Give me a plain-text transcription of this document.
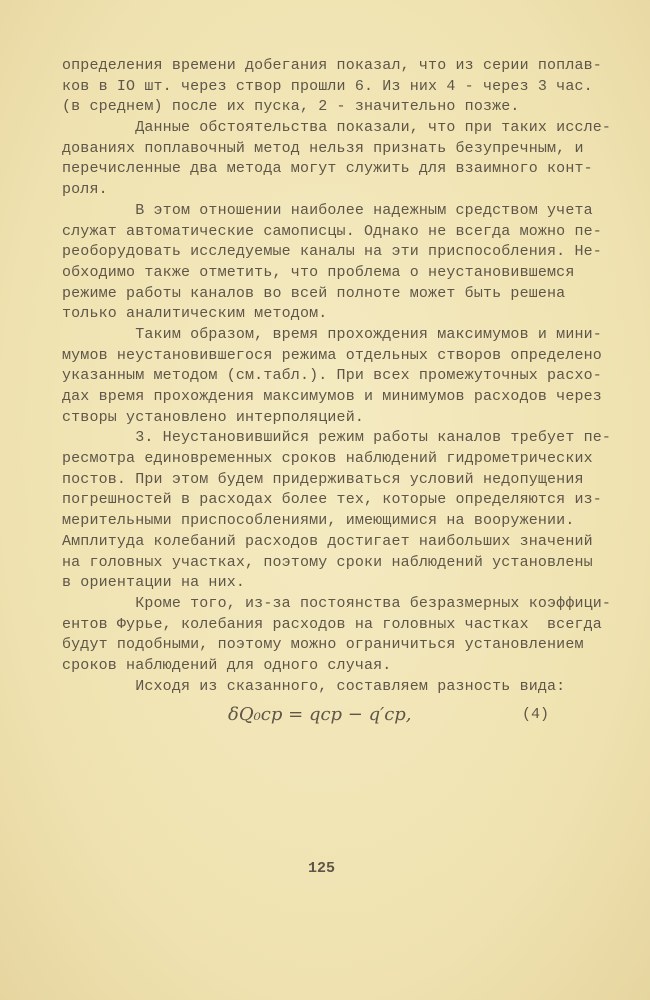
определения времени добегания показал, что из серии поплав-
ков в IO шт. через створ прошли 6. Из них 4 - через 3 час.
(в среднем) после их пуска, 2 - значительно позже.
Данные обстоятельства показали, что при таких иссле-
дованиях поплавочный метод нельзя признать безупречным, и
перечисленные два метода могут служить для взаимного конт-
роля.
В этом отношении наиболее надежным средством учета
служат автоматические самописцы. Однако не всегда можно пе-
реоборудовать исследуемые каналы на эти приспособления. Не-
обходимо также отметить, что проблема о неустановившемся
режиме работы каналов во всей полноте может быть решена
только аналитическим методом.
Таким образом, время прохождения максимумов и мини-
мумов неустановившегося режима отдельных створов определено
указанным методом (см.табл.). При всех промежуточных расхо-
дах время прохождения максимумов и минимумов расходов через
створы установлено интерполяцией.
3. Неустановившийся режим работы каналов требует пе-
ресмотра единовременных сроков наблюдений гидрометрических
постов. При этом будем придерживаться условий недопущения
погрешностей в расходах более тех, которые определяются из-
мерительными приспособлениями, имеющимися на вооружении.
Амплитуда колебаний расходов достигает наибольших значений
на головных участках, поэтому сроки наблюдений установлены
в ориентации на них.
Кроме того, из-за постоянства безразмерных коэффици-
ентов Фурье, колебания расходов на головных частках  всегда
будут подобными, поэтому можно ограничиться установлением
сроков наблюдений для одного случая.
Исходя из сказанного, составляем разность вида:
δQ₀ср = qср − q′ср,	(4)
125
